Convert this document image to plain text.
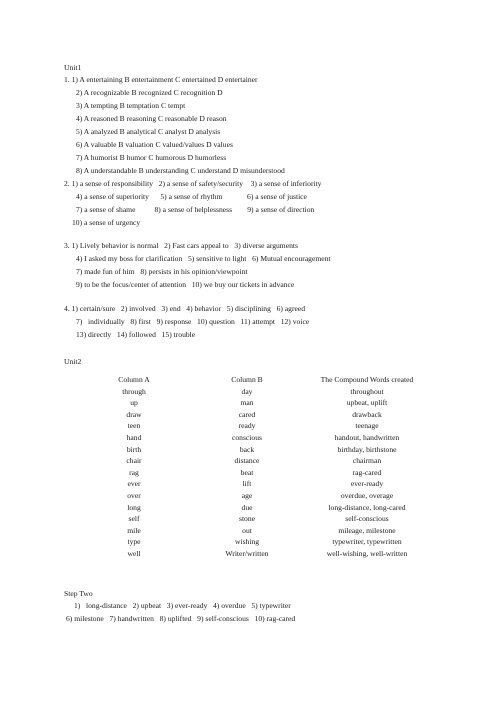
Unit1
1. 1) A entertaining B entertainment C entertained D entertainer
2) A recognizable B recognized C recognition D
3) A tempting B temptation C tempt
4) A reasoned B reasoning C reasonable D reason
5) A analyzed B analytical C analyst D analysis
6) A valuable B valuation C valued/values D values
7) A humorist B humor C humorous D humorless
8) A understandable B understanding C understand D misunderstood
2. 1) a sense of responsibility   2) a sense of safety/security    3) a sense of inferiority
4) a sense of superiority      5) a sense of rhythm             6) a sense of justice
7) a sense of shame          8) a sense of helplessness        9) a sense of direction
10) a sense of urgency
3. 1) Lively behavior is normal   2) Fast cars appeal to   3) diverse arguments
4) I asked my boss for clarification   5) sensitive to light   6) Mutual encouragement
7) made fun of him   8) persists in his opinion/viewpoint
9) to be the focus/center of attention   10) we buy our tickets in advance
4. 1) certain/sure   2) involved   3) end   4) behavior   5) disciplining   6) agreed
7)   individually   8) first   9) response   10) question   11) attempt   12) voice
13) directly   14) followed   15) trouble
Unit2
Column A	Column B	The Compound Words created
through	day	throughout
up	man	upbeat, uplift
draw	cared	drawback
teen	ready	teenage
hand	conscious	handout, handwritten
birth	back	birthday, birthstone
chair	distance	chairman
rag	beat	rag-cared
ever	lift	ever-ready
over	age	overdue, overage
long	due	long-distance, long-cared
self	stone	self-conscious
mile	out	mileage, milestone
type	wishing	typewriter, typewritten
well	Writer/written	well-wishing, well-written
Step Two
1)   long-distance   2) upbeat   3) ever-ready   4) overdue   5) typewriter
6) milestone   7) handwritten   8) uplifted   9) self-conscious   10) rag-cared
